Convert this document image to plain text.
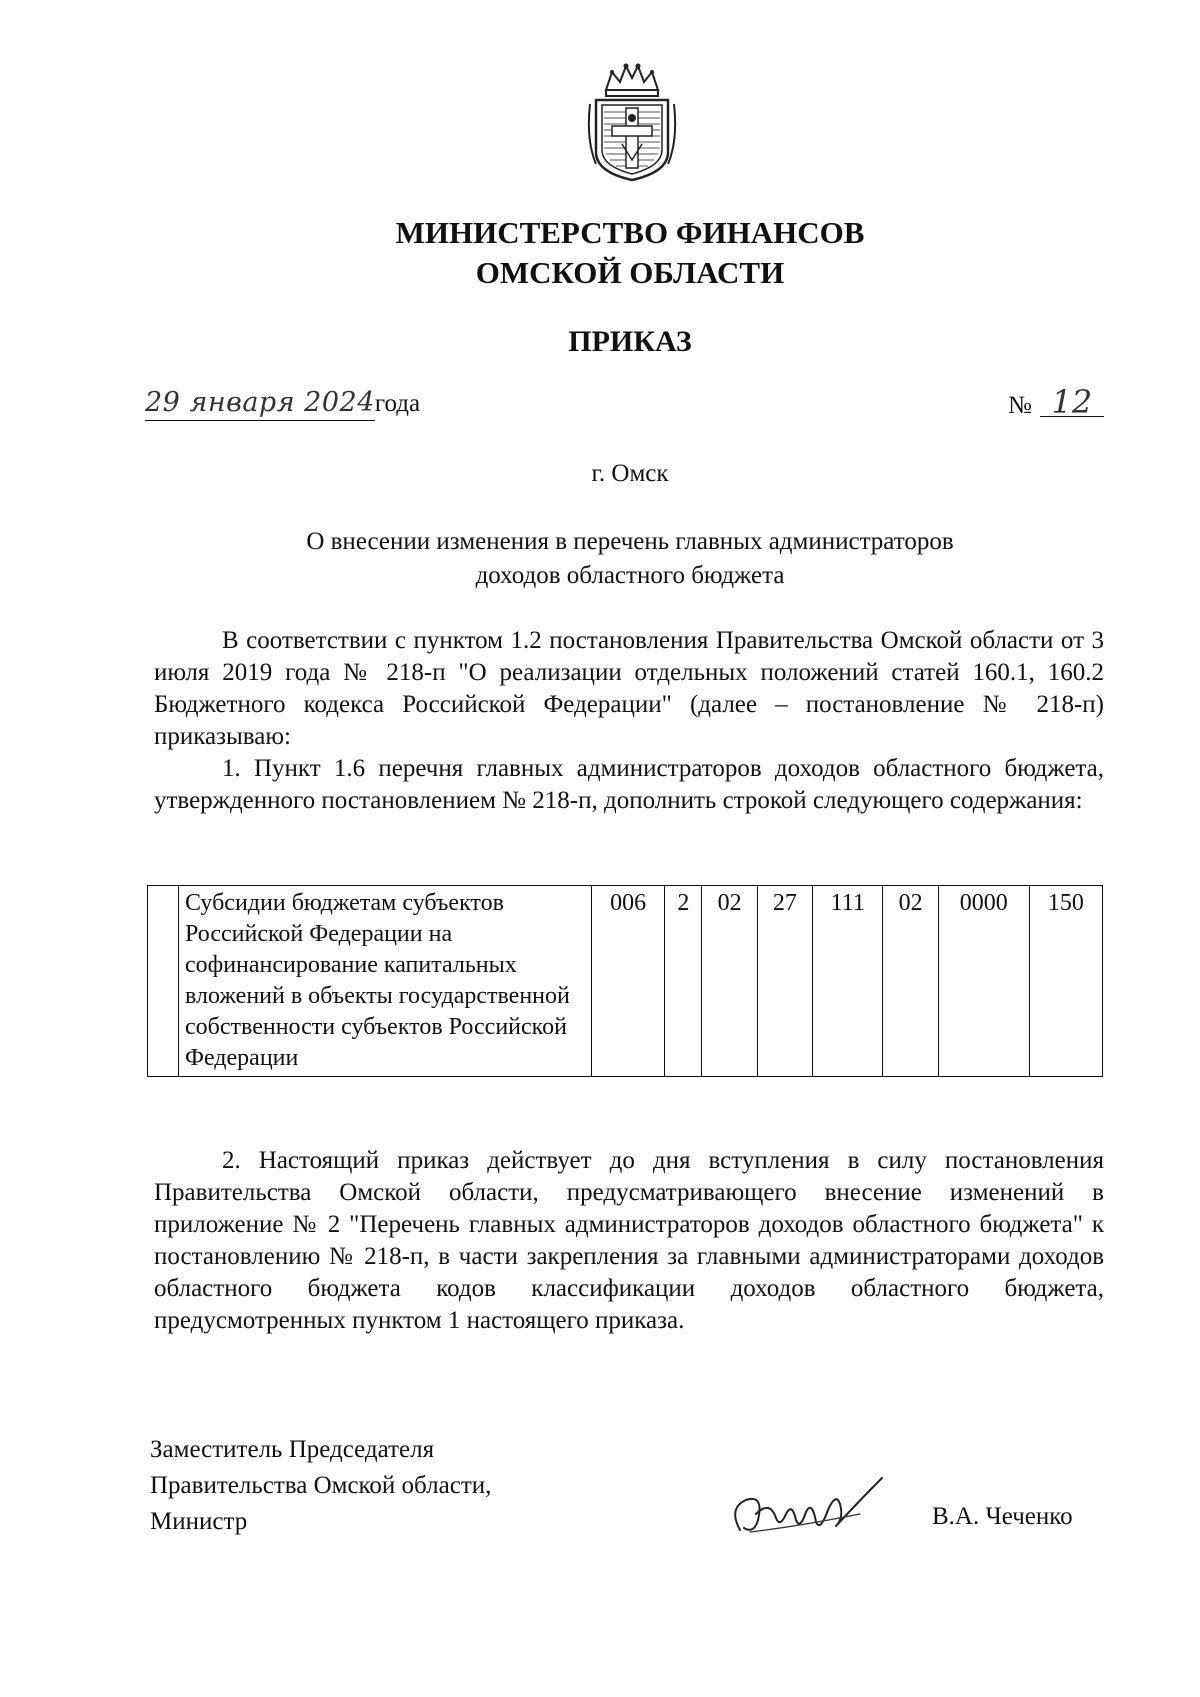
МИНИСТЕРСТВО ФИНАНСОВ
ОМСКОЙ ОБЛАСТИ
ПРИКАЗ
29 января 2024года	№ 12
г. Омск
О внесении изменения в перечень главных администраторов
доходов областного бюджета
В соответствии с пунктом 1.2 постановления Правительства Омской области от 3 июля 2019 года № 218-п "О реализации отдельных положений статей 160.1, 160.2 Бюджетного кодекса Российской Федерации" (далее – постановление № 218-п) приказываю:
1. Пункт 1.6 перечня главных администраторов доходов областного бюджета, утвержденного постановлением № 218-п, дополнить строкой следующего содержания:
	Субсидии бюджетам субъектов Российской Федерации на софинансирование капитальных вложений в объекты государственной собственности субъектов Российской Федерации	006	2	02	27	111	02	0000	150
2. Настоящий приказ действует до дня вступления в силу постановления Правительства Омской области, предусматривающего внесение изменений в приложение № 2 "Перечень главных администраторов доходов областного бюджета" к постановлению № 218-п, в части закрепления за главными администраторами доходов областного бюджета кодов классификации доходов областного бюджета, предусмотренных пунктом 1 настоящего приказа.
Заместитель Председателя
Правительства Омской области,
Министр	В.А. Чеченко
